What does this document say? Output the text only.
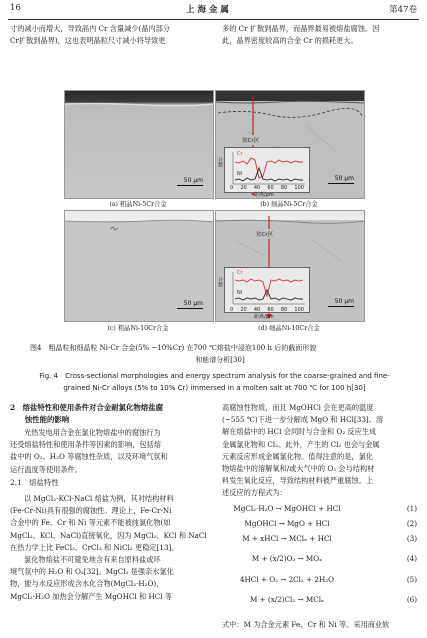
16	上 海 金 属	第47卷
寸的减小而增大，导致晶内 Cr 含量减少(晶内部分
Cr扩散到晶界)，这也表明晶粒尺寸减小将导致更
多的 Cr 扩散到晶界，而晶界最易被熔盐腐蚀。因
此，晶界密度较高的合金 Cr 的损耗更大。
50 μm
(a) 粗晶Ni-5Cr合金
贫Cr区
Cr
Ni
计数
0 20 40 60 80 100
距离/μm
50 μm
(b) 细晶Ni-5Cr合金
50 μm
(c) 粗晶Ni-10Cr合金
贫Cr区
Cr
Ni
计数
0 20 40 60 80 100
距离/μm
50 μm
(d) 细晶Ni-10Cr合金
图4　粗晶粒和细晶粒 Ni-Cr 合金(5% ~10%Cr) 在700 ℃熔盐中浸泡100 h 后的截面形貌
和能谱分析[30]
Fig. 4　Cross-sectional morphologies and energy spectrum analysis for the coarse-grained and fine-
grained Ni-Cr alloys (5% to 10% Cr) immersed in a molten salt at 700 ℃ for 100 h[30]
2　熔盐特性和使用条件对合金耐氯化物熔盐腐
　　蚀性能的影响
光热发电用合金在氯化物熔盐中的腐蚀行为
还受熔盐特性和使用条件等因素的影响，包括熔
盐中的 O₂、H₂O 等腐蚀性杂质，以及环境气氛和
运行温度等使用条件。
2.1　熔盐特性
以 MgCl₂-KCl-NaCl 熔盐为例，其对结构材料
(Fe-Cr-Ni)具有很强的腐蚀性。理论上，Fe-Cr-Ni
合金中的 Fe、Cr 和 Ni 等元素不能被纯氯化物(如
MgCl₂、KCl、NaCl)直接氧化，因为 MgCl₂、KCl 和 NaCl
在热力学上比 FeCl₂、CrCl₃ 和 NiCl₂ 更稳定[13]。
氯化物熔盐不可避免地含有来自原料盐或环
境气氛中的 H₂O 和 O₂[32]。MgCl₂ 是强亲水氯化
物，能与水反应形成含水化合物(MgCl₂·H₂O)，
MgCl₂·H₂O 加热会分解产生 MgOHCl 和 HCl 等
高腐蚀性物质，而且 MgOHCl 会在更高的温度
(~555 ℃)下进一步分解成 MgO 和 HCl[33]。溶
解在熔盐中的 HCl 会同时与合金和 O₂ 反应生成
金属氯化物和 Cl₂。此外，产生的 Cl₂ 也会与金属
元素反应形成金属氯化物。值得注意的是，氯化
物熔盐中的溶解氧和/或大气中的 O₂ 会与结构材
料发生氧化反应，导致结构材料被严重腐蚀。上
述反应的方程式为：
MgCl₂·H₂O → MgOHCl + HCl	(1)
MgOHCl → MgO + HCl	(2)
M + xHCl → MClₓ + HCl	(3)
M + (x/2)O₂ → MOₓ	(4)
4HCl + O₂ → 2Cl₂ + 2H₂O	(5)
M + (x/2)Cl₂ → MClₓ	(6)
式中：M 为合金元素 Fe、Cr 和 Ni 等。采用商业软
